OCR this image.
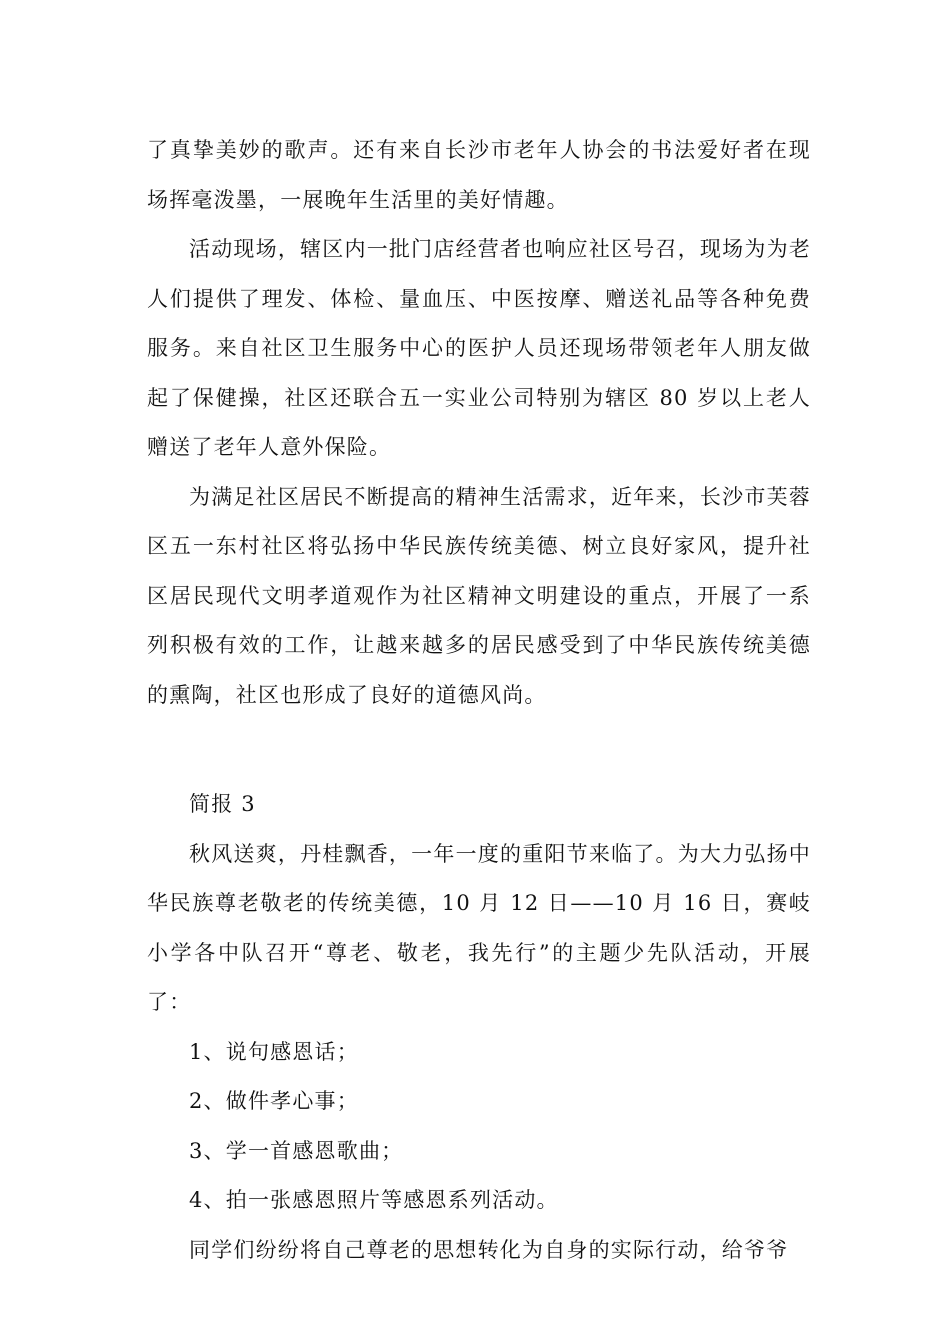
了真挚美妙的歌声。还有来自长沙市老年人协会的书法爱好者在现场挥毫泼墨，一展晚年生活里的美好情趣。

活动现场，辖区内一批门店经营者也响应社区号召，现场为为老人们提供了理发、体检、量血压、中医按摩、赠送礼品等各种免费服务。来自社区卫生服务中心的医护人员还现场带领老年人朋友做起了保健操，社区还联合五一实业公司特别为辖区 80 岁以上老人赠送了老年人意外保险。

为满足社区居民不断提高的精神生活需求，近年来，长沙市芙蓉区五一东村社区将弘扬中华民族传统美德、树立良好家风，提升社区居民现代文明孝道观作为社区精神文明建设的重点，开展了一系列积极有效的工作，让越来越多的居民感受到了中华民族传统美德的熏陶，社区也形成了良好的道德风尚。

简报 3

秋风送爽，丹桂飘香，一年一度的重阳节来临了。为大力弘扬中华民族尊老敬老的传统美德，10 月 12 日——10 月 16 日，赛岐小学各中队召开“尊老、敬老，我先行”的主题少先队活动，开展了：

1、说句感恩话；

2、做件孝心事；

3、学一首感恩歌曲；

4、拍一张感恩照片等感恩系列活动。

同学们纷纷将自己尊老的思想转化为自身的实际行动，给爷爷
